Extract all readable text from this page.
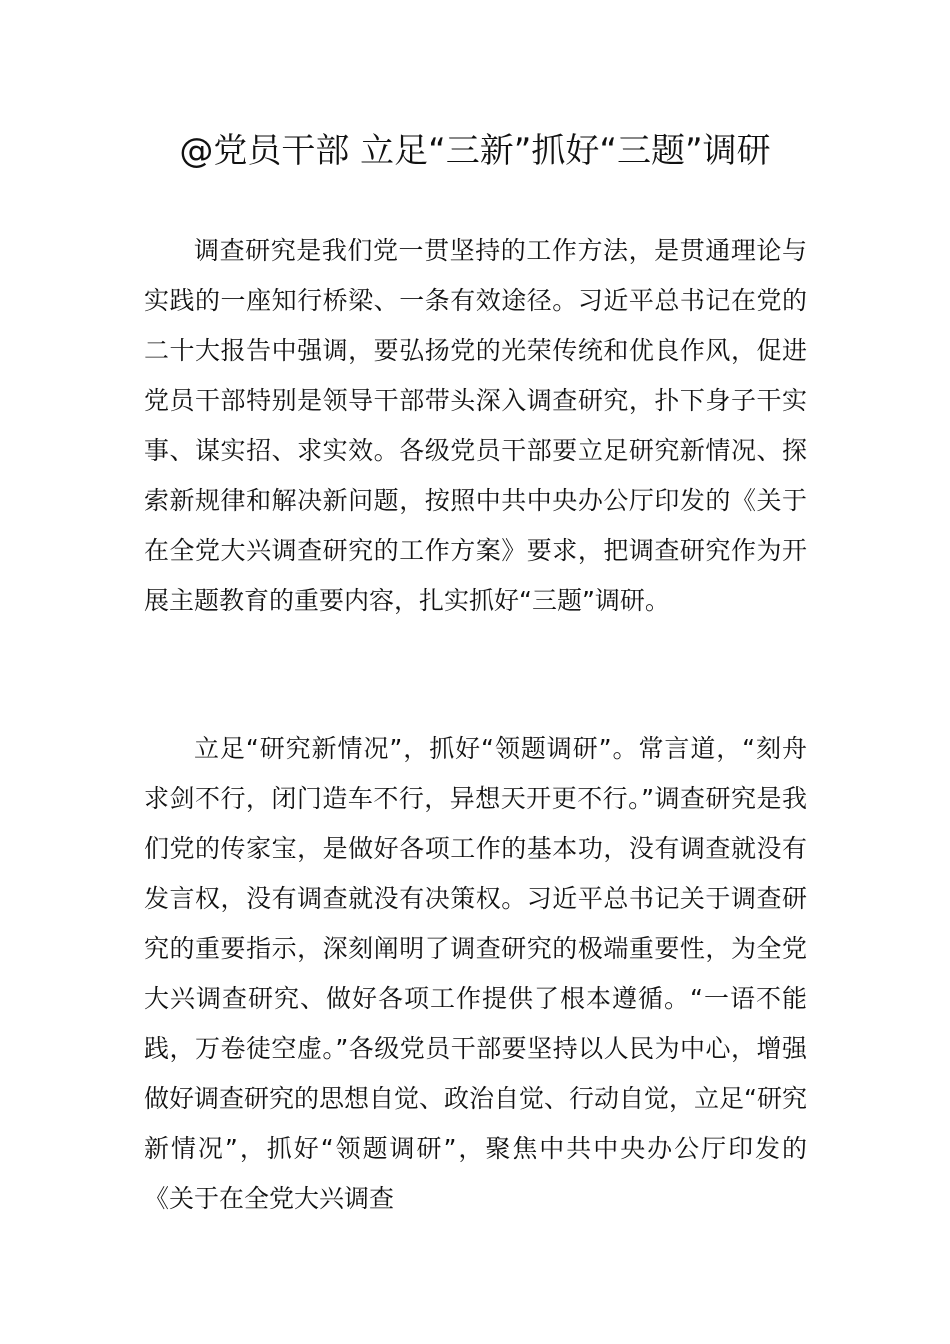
@党员干部 立足“三新”抓好“三题”调研

调查研究是我们党一贯坚持的工作方法，是贯通理论与实践的一座知行桥梁、一条有效途径。习近平总书记在党的二十大报告中强调，要弘扬党的光荣传统和优良作风，促进党员干部特别是领导干部带头深入调查研究，扑下身子干实事、谋实招、求实效。各级党员干部要立足研究新情况、探索新规律和解决新问题，按照中共中央办公厅印发的《关于在全党大兴调查研究的工作方案》要求，把调查研究作为开展主题教育的重要内容，扎实抓好“三题”调研。

立足“研究新情况”，抓好“领题调研”。常言道，“刻舟求剑不行，闭门造车不行，异想天开更不行。”调查研究是我们党的传家宝，是做好各项工作的基本功，没有调查就没有发言权，没有调查就没有决策权。习近平总书记关于调查研究的重要指示，深刻阐明了调查研究的极端重要性，为全党大兴调查研究、做好各项工作提供了根本遵循。“一语不能践，万卷徒空虚。”各级党员干部要坚持以人民为中心，增强做好调查研究的思想自觉、政治自觉、行动自觉，立足“研究新情况”，抓好“领题调研”，聚焦中共中央办公厅印发的《关于在全党大兴调查
